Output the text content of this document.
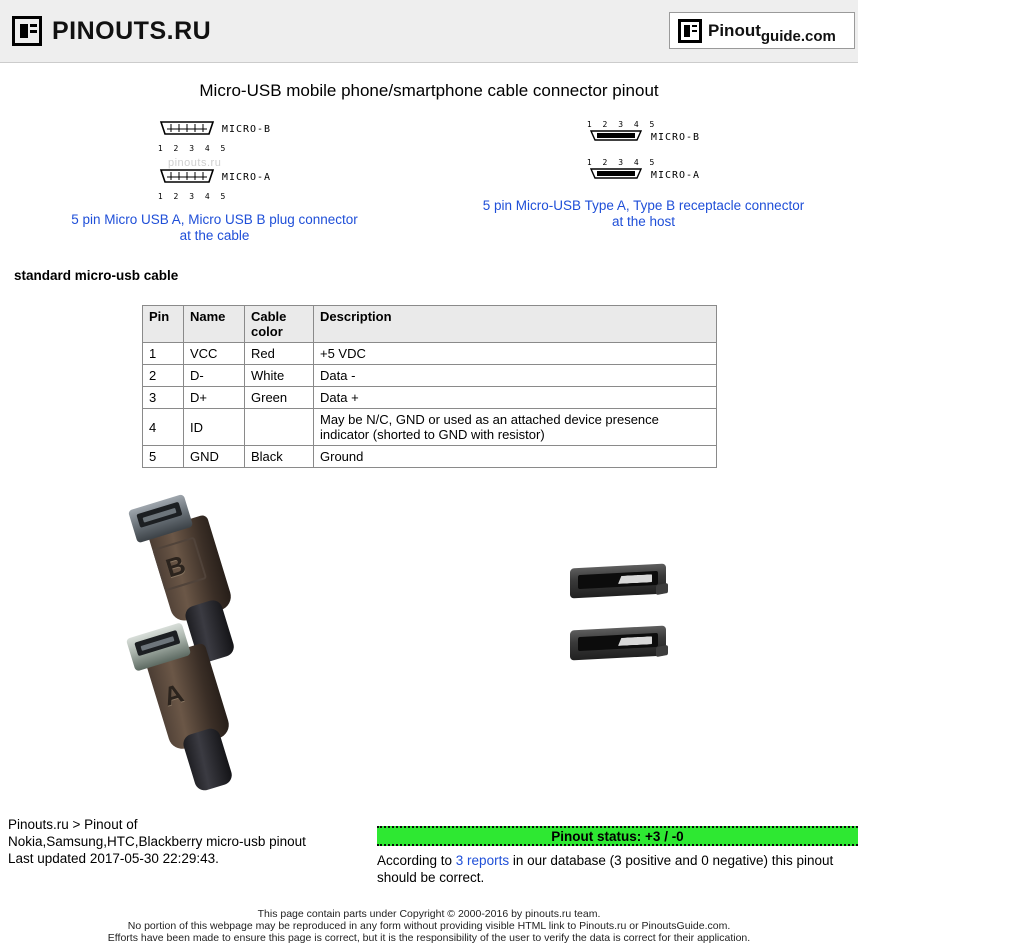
PINOUTS.RU	Pinout guide.com
Micro-USB mobile phone/smartphone cable connector pinout
pinouts.ru
MICRO-B
1 2 3 4 5
MICRO-A
1 2 3 4 5
5 pin Micro USB A, Micro USB B plug connector
at the cable
1 2 3 4 5
MICRO-B
1 2 3 4 5
MICRO-A
5 pin Micro-USB Type A, Type B receptacle connector
at the host
standard micro-usb cable
Pin	Name	Cable color	Description
1	VCC	Red	+5 VDC
2	D-	White	Data -
3	D+	Green	Data +
4	ID		May be N/C, GND or used as an attached device presence indicator (shorted to GND with resistor)
5	GND	Black	Ground
B
A
Pinouts.ru > Pinout of
Nokia,Samsung,HTC,Blackberry micro-usb pinout
Last updated 2017-05-30 22:29:43.
Pinout status: +3 / -0
According to 3 reports in our database (3 positive and 0 negative) this pinout should be correct.
This page contain parts under Copyright © 2000-2016 by pinouts.ru team.
No portion of this webpage may be reproduced in any form without providing visible HTML link to Pinouts.ru or PinoutsGuide.com.
Efforts have been made to ensure this page is correct, but it is the responsibility of the user to verify the data is correct for their application.
